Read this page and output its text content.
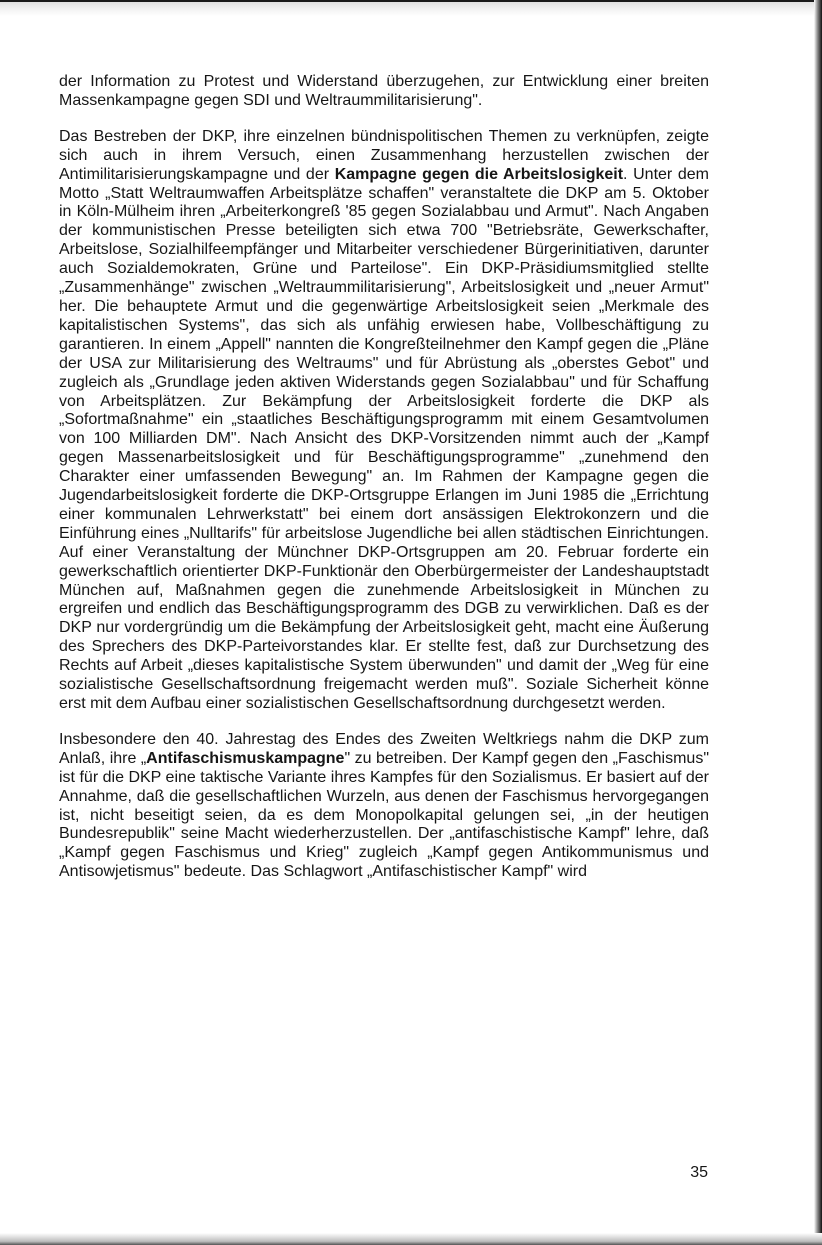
der Information zu Protest und Widerstand überzugehen, zur Entwicklung einer breiten Massenkampagne gegen SDI und Weltraummilitarisierung".

Das Bestreben der DKP, ihre einzelnen bündnispolitischen Themen zu verknüpfen, zeigte sich auch in ihrem Versuch, einen Zusammenhang herzustellen zwischen der Antimilitarisierungskampagne und der Kampagne gegen die Arbeitslosigkeit. Unter dem Motto „Statt Weltraumwaffen Arbeitsplätze schaffen" veranstaltete die DKP am 5. Oktober in Köln-Mülheim ihren „Arbeiterkongreß '85 gegen Sozialabbau und Armut". Nach Angaben der kommunistischen Presse beteiligten sich etwa 700 "Betriebsräte, Gewerkschafter, Arbeitslose, Sozialhilfeempfänger und Mitarbeiter verschiedener Bürgerinitiativen, darunter auch Sozialdemokraten, Grüne und Parteilose". Ein DKP-Präsidiumsmitglied stellte „Zusammenhänge" zwischen „Weltraummilitarisierung", Arbeitslosigkeit und „neuer Armut" her. Die behauptete Armut und die gegenwärtige Arbeitslosigkeit seien „Merkmale des kapitalistischen Systems", das sich als unfähig erwiesen habe, Vollbeschäftigung zu garantieren. In einem „Appell" nannten die Kongreßteilnehmer den Kampf gegen die „Pläne der USA zur Militarisierung des Weltraums" und für Abrüstung als „oberstes Gebot" und zugleich als „Grundlage jeden aktiven Widerstands gegen Sozialabbau" und für Schaffung von Arbeitsplätzen. Zur Bekämpfung der Arbeitslosigkeit forderte die DKP als „Sofortmaßnahme" ein „staatliches Beschäftigungsprogramm mit einem Gesamtvolumen von 100 Milliarden DM". Nach Ansicht des DKP-Vorsitzenden nimmt auch der „Kampf gegen Massenarbeitslosigkeit und für Beschäftigungsprogramme" „zunehmend den Charakter einer umfassenden Bewegung" an. Im Rahmen der Kampagne gegen die Jugendarbeitslosigkeit forderte die DKP-Ortsgruppe Erlangen im Juni 1985 die „Errichtung einer kommunalen Lehrwerkstatt" bei einem dort ansässigen Elektrokonzern und die Einführung eines „Nulltarifs" für arbeitslose Jugendliche bei allen städtischen Einrichtungen. Auf einer Veranstaltung der Münchner DKP-Ortsgruppen am 20. Februar forderte ein gewerkschaftlich orientierter DKP-Funktionär den Oberbürgermeister der Landeshauptstadt München auf, Maßnahmen gegen die zunehmende Arbeitslosigkeit in München zu ergreifen und endlich das Beschäftigungsprogramm des DGB zu verwirklichen. Daß es der DKP nur vordergründig um die Bekämpfung der Arbeitslosigkeit geht, macht eine Äußerung des Sprechers des DKP-Parteivorstandes klar. Er stellte fest, daß zur Durchsetzung des Rechts auf Arbeit „dieses kapitalistische System überwunden" und damit der „Weg für eine sozialistische Gesellschaftsordnung freigemacht werden muß". Soziale Sicherheit könne erst mit dem Aufbau einer sozialistischen Gesellschaftsordnung durchgesetzt werden.

Insbesondere den 40. Jahrestag des Endes des Zweiten Weltkriegs nahm die DKP zum Anlaß, ihre „Antifaschismuskampagne" zu betreiben. Der Kampf gegen den „Faschismus" ist für die DKP eine taktische Variante ihres Kampfes für den Sozialismus. Er basiert auf der Annahme, daß die gesellschaftlichen Wurzeln, aus denen der Faschismus hervorgegangen ist, nicht beseitigt seien, da es dem Monopolkapital gelungen sei, „in der heutigen Bundesrepublik" seine Macht wiederherzustellen. Der „antifaschistische Kampf" lehre, daß „Kampf gegen Faschismus und Krieg" zugleich „Kampf gegen Antikommunismus und Antisowjetismus" bedeute. Das Schlagwort „Antifaschistischer Kampf" wird

35
